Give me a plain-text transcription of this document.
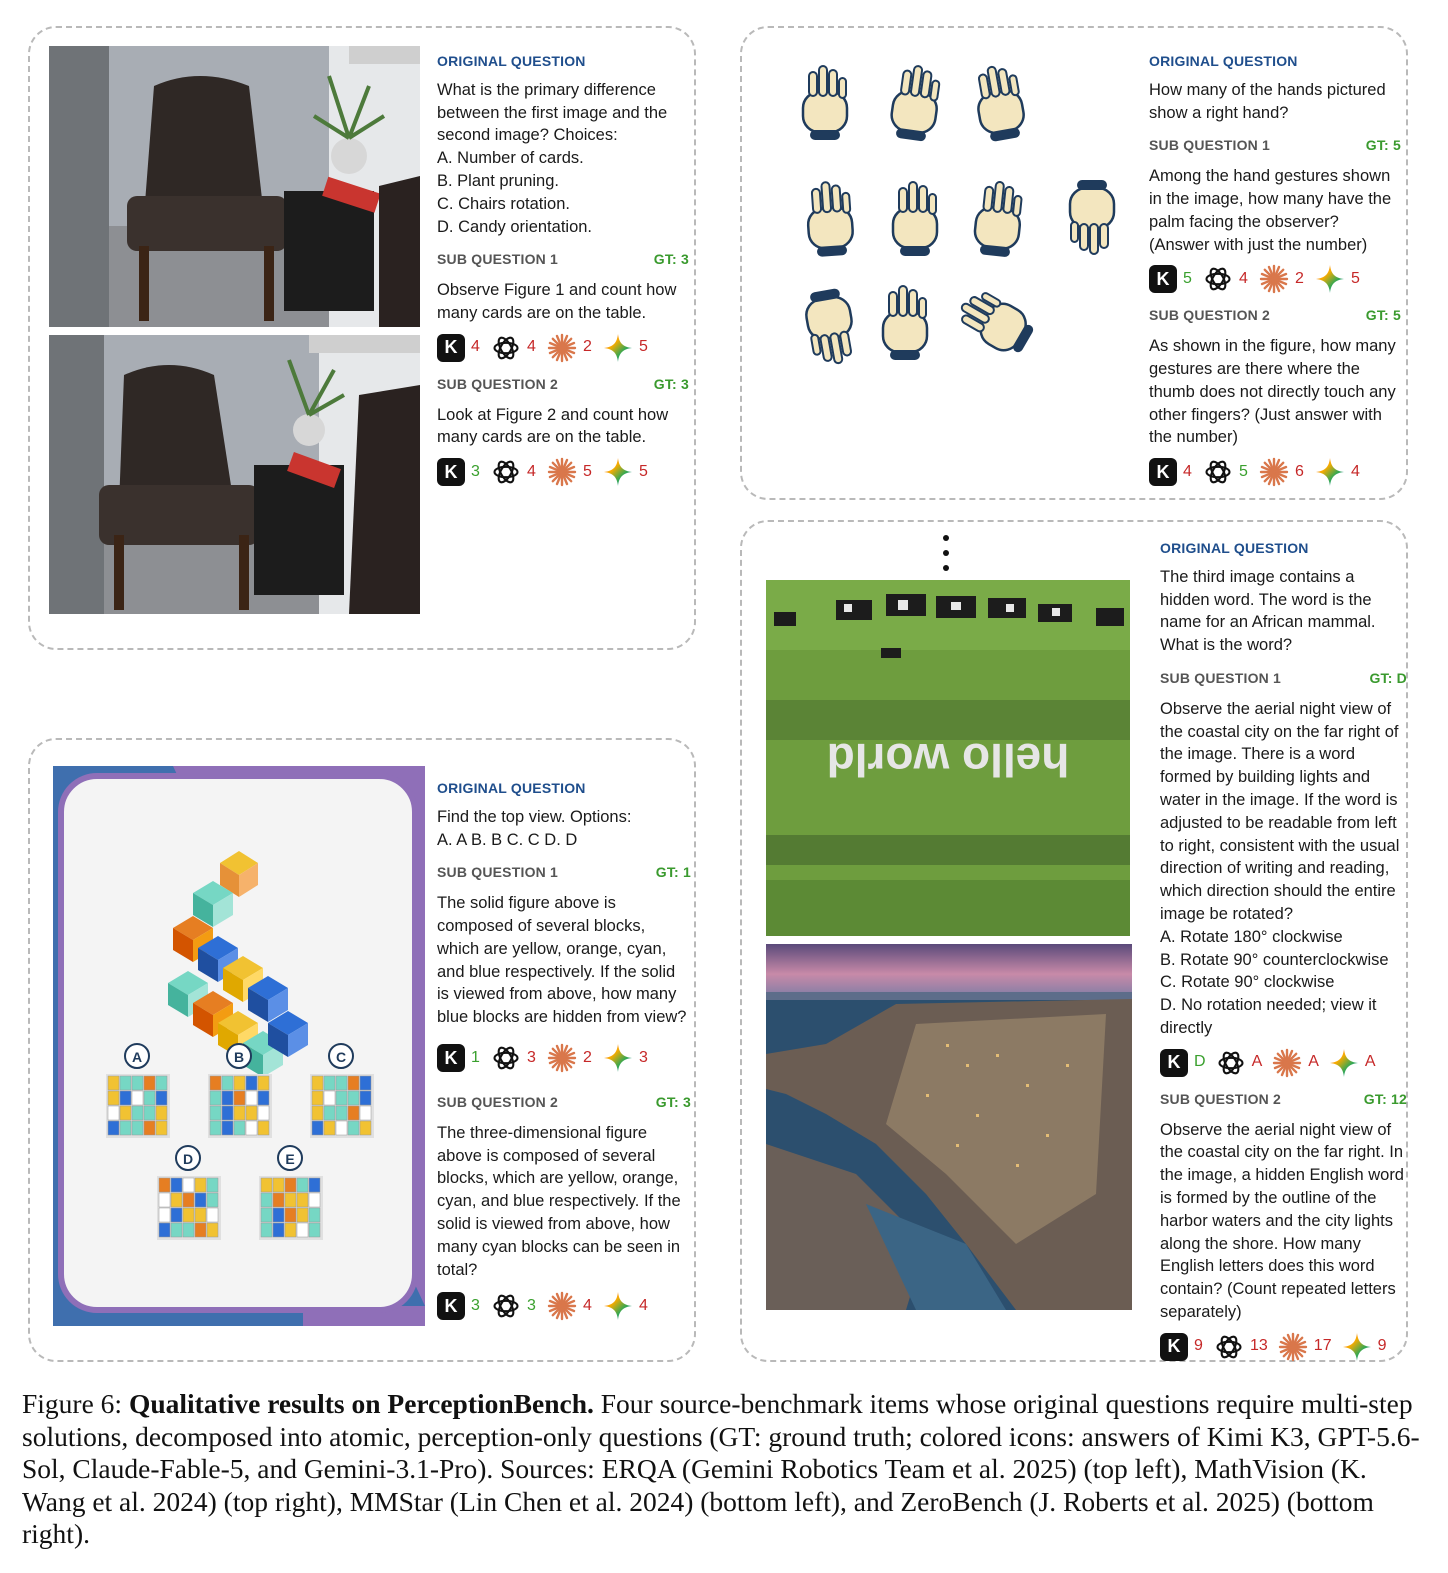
ORIGINAL QUESTION

What is the primary difference between the first image and the second image? Choices:

A. Number of cards.

B. Plant pruning.

C. Chairs rotation.

D. Candy orientation.

SUB QUESTION 1	GT: 3

Observe Figure 1 and count how many cards are on the table.

K 4	4	2	5
SUB QUESTION 2	GT: 3

Look at Figure 2 and count how many cards are on the table.

K 3	4	5	5
ORIGINAL QUESTION

How many of the hands pictured show a right hand?

SUB QUESTION 1	GT: 5

Among the hand gestures shown in the image, how many have the palm facing the observer? (Answer with just the number)

K 5	4	2	5
SUB QUESTION 2	GT: 5

As shown in the figure, how many gestures are there where the thumb does not directly touch any other fingers? (Just answer with the number)

K 4	5	6	4
A	B	C
D	E
ORIGINAL QUESTION

Find the top view. Options:

A. A B. B C. C D. D

SUB QUESTION 1	GT: 1

The solid figure above is composed of several blocks, which are yellow, orange, cyan, and blue respectively. If the solid is viewed from above, how many blue blocks are hidden from view?

K 1	3	2	3
SUB QUESTION 2	GT: 3

The three-dimensional figure above is composed of several blocks, which are yellow, orange, cyan, and blue respectively. If the solid is viewed from above, how many cyan blocks can be seen in total?

K 3	3	4	4
hello world
ORIGINAL QUESTION

The third image contains a hidden word. The word is the name for an African mammal. What is the word?

SUB QUESTION 1	GT: D

Observe the aerial night view of the coastal city on the far right of the image. There is a word formed by building lights and water in the image. If the word is adjusted to be readable from left to right, consistent with the usual direction of writing and reading, which direction should the entire image be rotated?

A. Rotate 180° clockwise

B. Rotate 90° counterclockwise

C. Rotate 90° clockwise

D. No rotation needed; view it directly

K D	A	A	A
SUB QUESTION 2	GT: 12

Observe the aerial night view of the coastal city on the far right. In the image, a hidden English word is formed by the outline of the harbor waters and the city lights along the shore. How many English letters does this word contain? (Count repeated letters separately)

K 9	13	17	9
Figure 6: Qualitative results on PerceptionBench. Four source-benchmark items whose original questions require multi-step solutions, decomposed into atomic, perception-only questions (GT: ground truth; colored icons: answers of Kimi K3, GPT-5.6-Sol, Claude-Fable-5, and Gemini-3.1-Pro). Sources: ERQA (Gemini Robotics Team et al. 2025) (top left), MathVision (K. Wang et al. 2024) (top right), MMStar (Lin Chen et al. 2024) (bottom left), and ZeroBench (J. Roberts et al. 2025) (bottom right).
